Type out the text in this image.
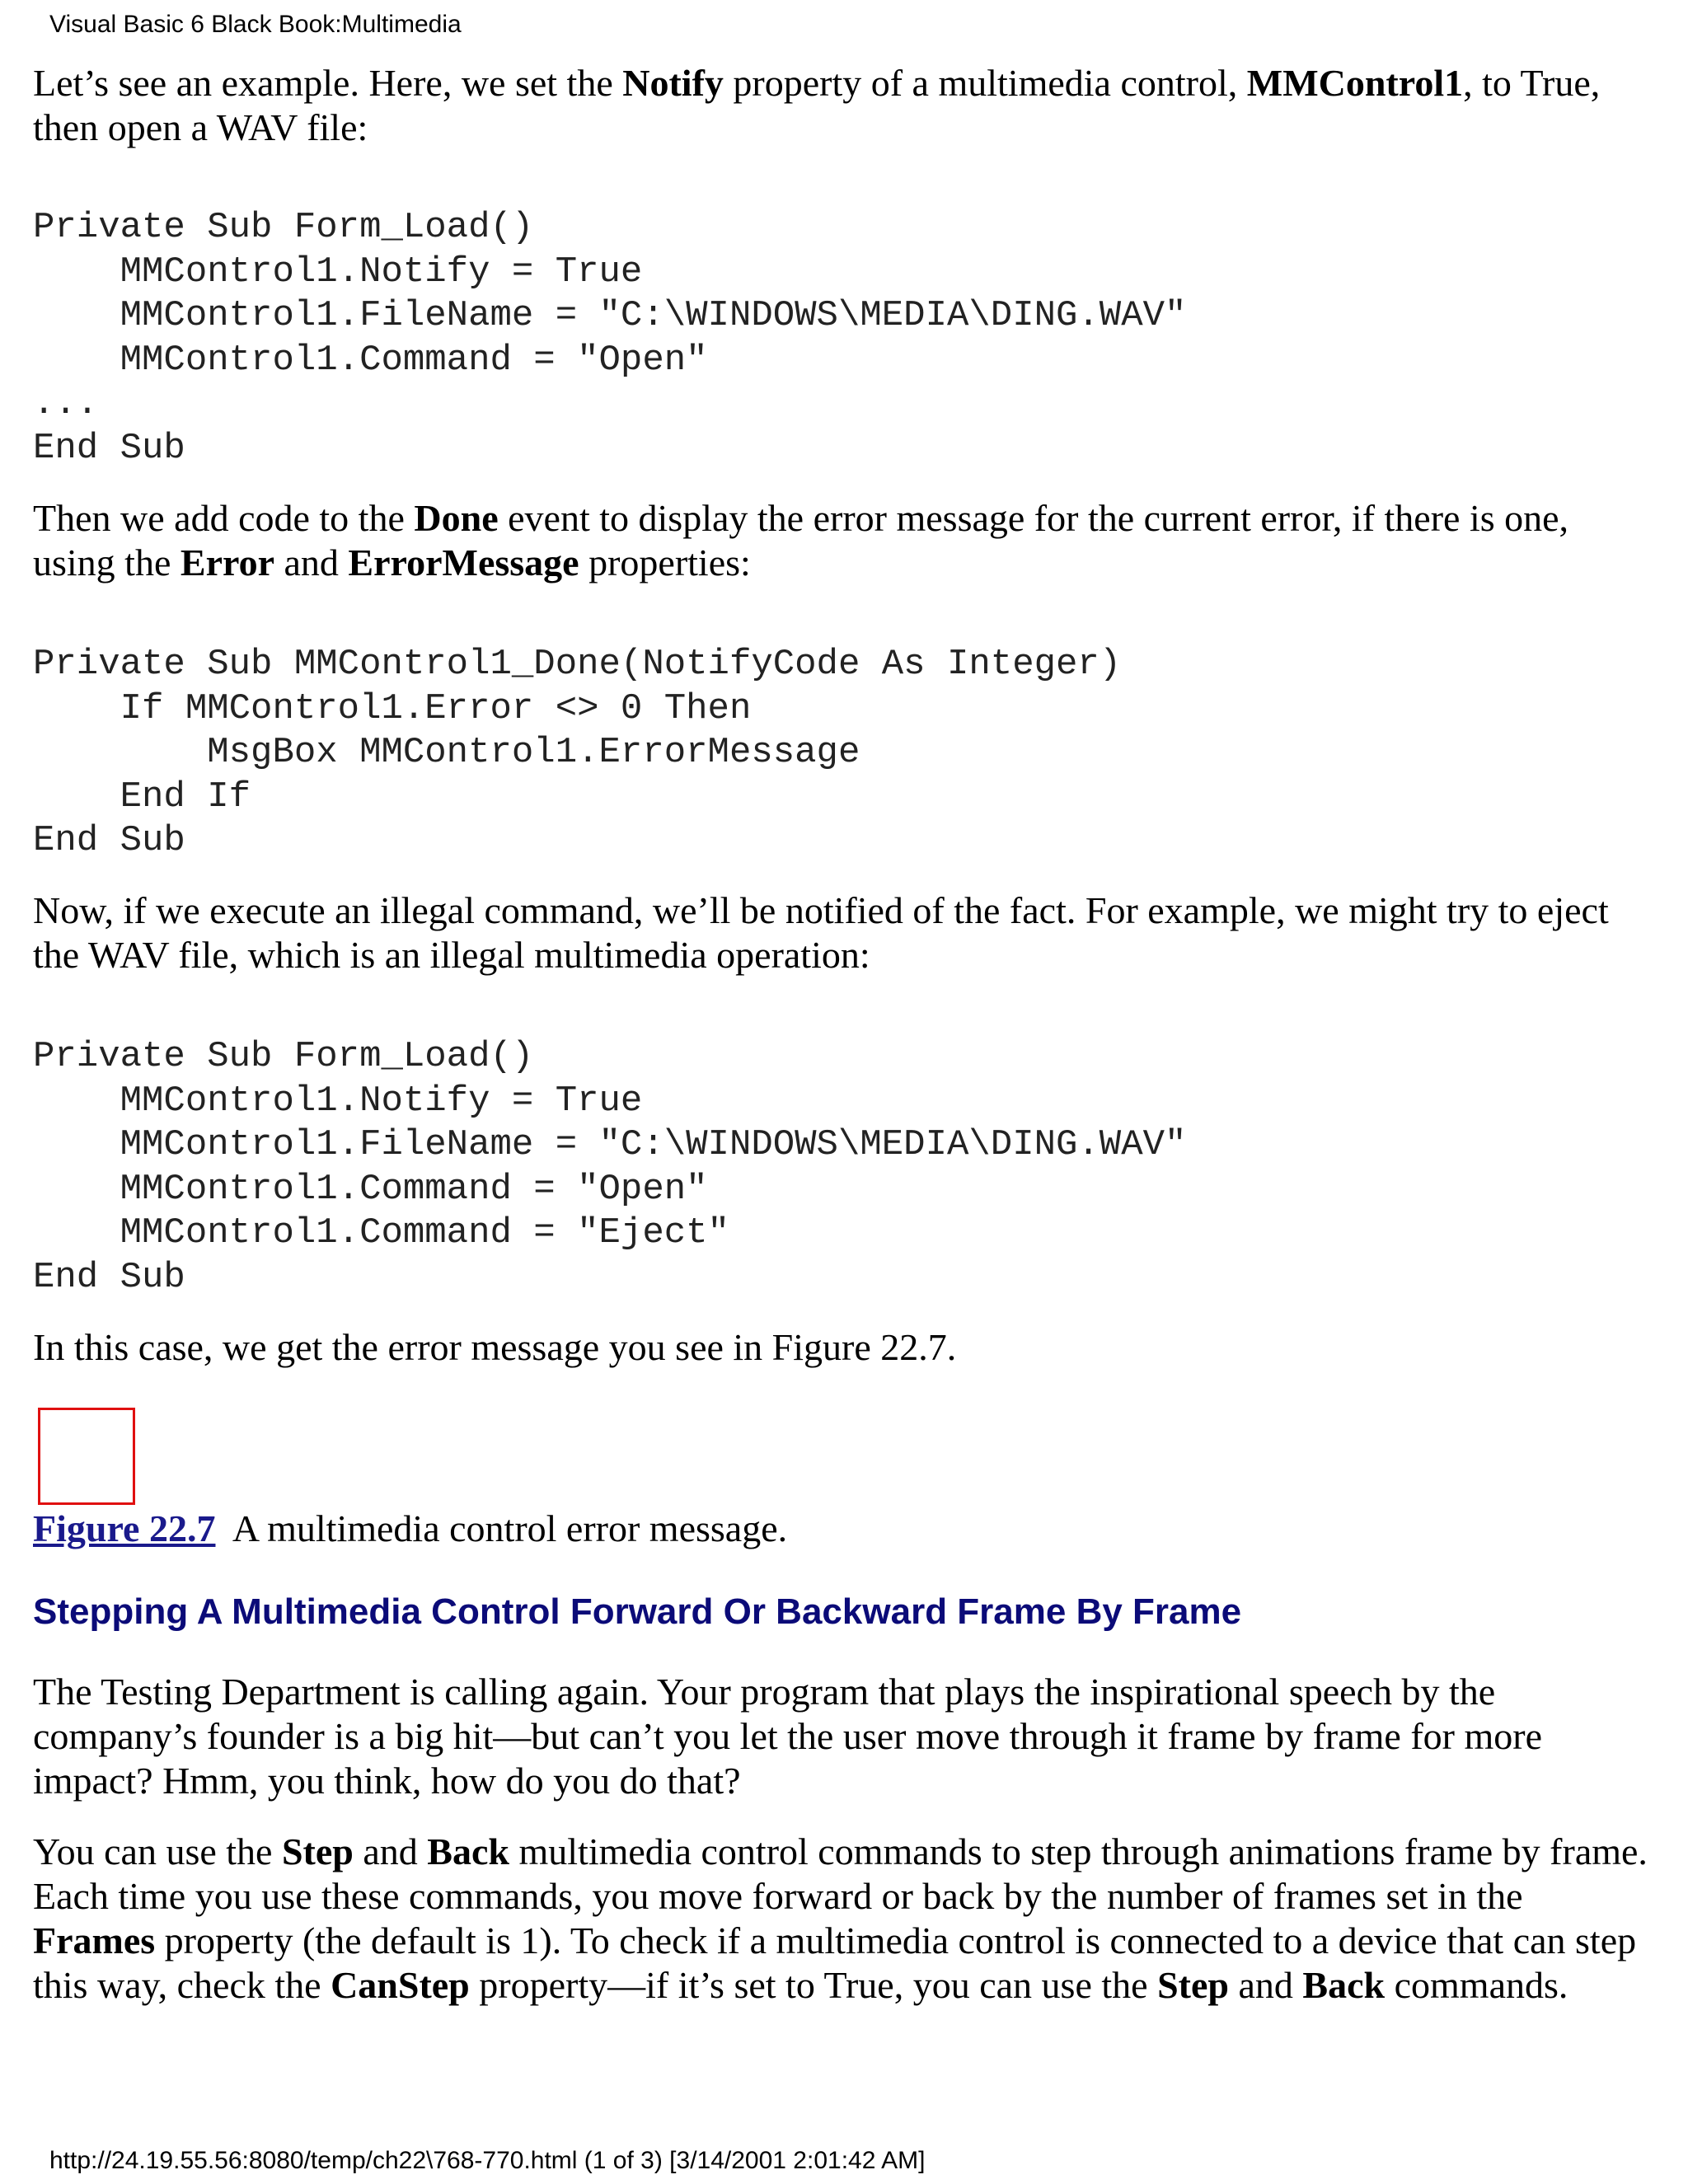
Visual Basic 6 Black Book:Multimedia

Let’s see an example. Here, we set the Notify property of a multimedia control, MMControl1, to True, then open a WAV file:

Private Sub Form_Load()
MMControl1.Notify = True
MMControl1.FileName = "C:\WINDOWS\MEDIA\DING.WAV"
MMControl1.Command = "Open"
...
End Sub

Then we add code to the Done event to display the error message for the current error, if there is one, using the Error and ErrorMessage properties:

Private Sub MMControl1_Done(NotifyCode As Integer)
If MMControl1.Error <> 0 Then
MsgBox MMControl1.ErrorMessage
End If
End Sub

Now, if we execute an illegal command, we’ll be notified of the fact. For example, we might try to eject the WAV file, which is an illegal multimedia operation:

Private Sub Form_Load()
MMControl1.Notify = True
MMControl1.FileName = "C:\WINDOWS\MEDIA\DING.WAV"
MMControl1.Command = "Open"
MMControl1.Command = "Eject"
End Sub

In this case, we get the error message you see in Figure 22.7.

Figure 22.7  A multimedia control error message.

Stepping A Multimedia Control Forward Or Backward Frame By Frame

The Testing Department is calling again. Your program that plays the inspirational speech by the company’s founder is a big hit—but can’t you let the user move through it frame by frame for more impact? Hmm, you think, how do you do that?

You can use the Step and Back multimedia control commands to step through animations frame by frame. Each time you use these commands, you move forward or back by the number of frames set in the Frames property (the default is 1). To check if a multimedia control is connected to a device that can step this way, check the CanStep property—if it’s set to True, you can use the Step and Back commands.

http://24.19.55.56:8080/temp/ch22\768-770.html (1 of 3) [3/14/2001 2:01:42 AM]
